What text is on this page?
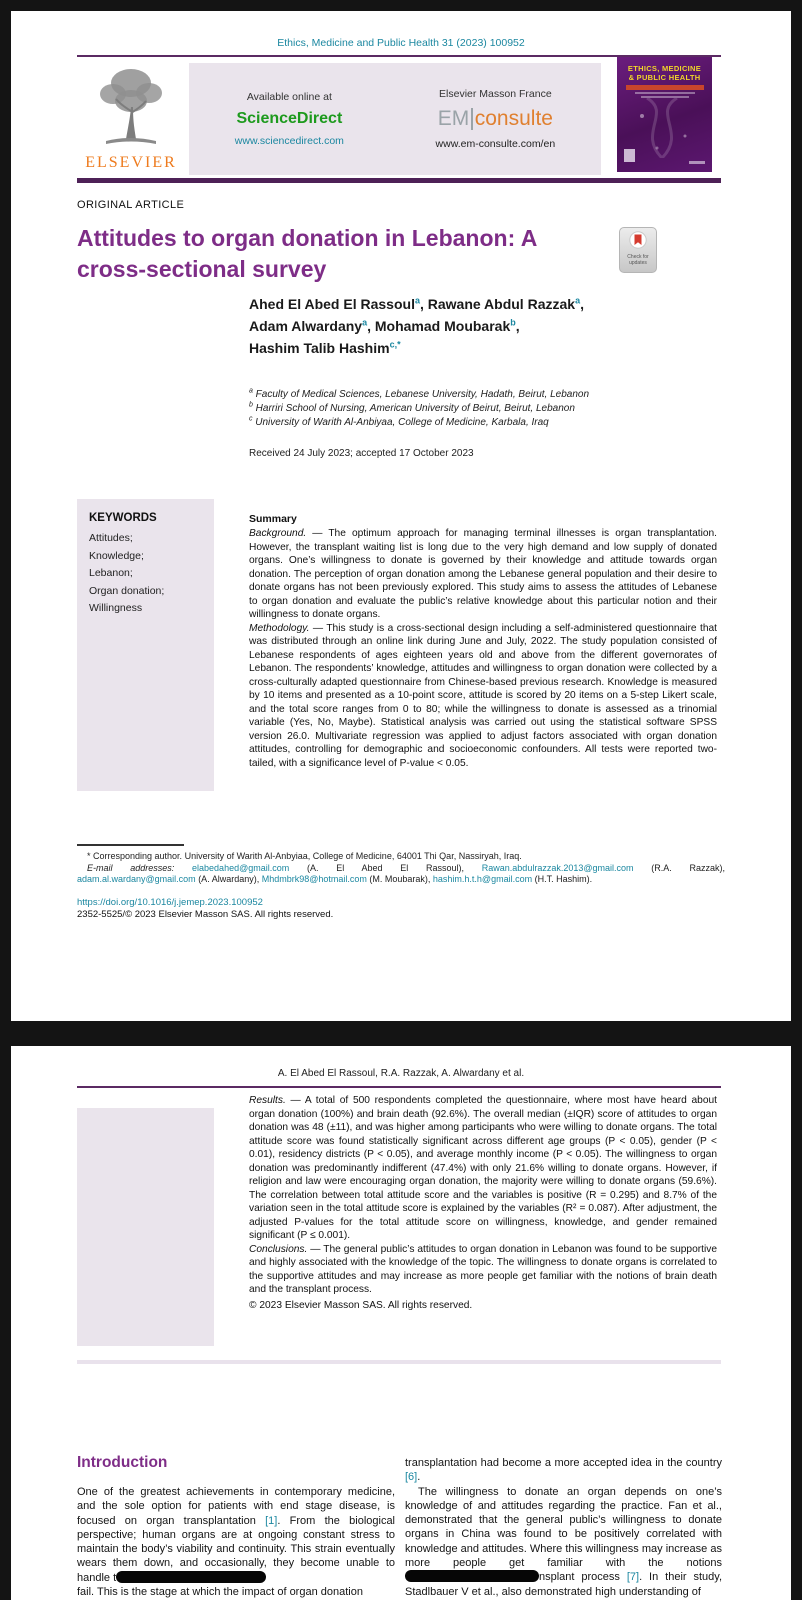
Ethics, Medicine and Public Health 31 (2023) 100952
ELSEVIER
Available online at
ScienceDirect
www.sciencedirect.com
Elsevier Masson France
EM consulte
www.em-consulte.com/en
ETHICS, MEDICINE
& PUBLIC HEALTH
ORIGINAL ARTICLE
Attitudes to organ donation in Lebanon: A
cross-sectional survey	Check for
updates
Ahed El Abed El Rassoul$^a$, Rawane Abdul Razzak$^a$,
Adam Alwardany$^a$, Mohamad Moubarak$^b$,
Hashim Talib Hashim$^{c,*}$
$^a$ Faculty of Medical Sciences, Lebanese University, Hadath, Beirut, Lebanon
$^b$ Harriri School of Nursing, American University of Beirut, Beirut, Lebanon
$^c$ University of Warith Al-Anbiyaa, College of Medicine, Karbala, Iraq
Received 24 July 2023; accepted 17 October 2023
KEYWORDS
Attitudes;
Knowledge;
Lebanon;
Organ donation;
Willingness
Summary

Background. — The optimum approach for managing terminal illnesses is organ transplantation. However, the transplant waiting list is long due to the very high demand and low supply of donated organs. One’s willingness to donate is governed by their knowledge and attitude towards organ donation. The perception of organ donation among the Lebanese general population and their desire to donate organs has not been previously explored. This study aims to assess the attitudes of Lebanese to organ donation and evaluate the public’s relative knowledge about this particular notion and their willingness to donate organs.

Methodology. — This study is a cross-sectional design including a self-administered questionnaire that was distributed through an online link during June and July, 2022. The study population consisted of Lebanese respondents of ages eighteen years old and above from the different governorates of Lebanon. The respondents’ knowledge, attitudes and willingness to organ donation were collected by a cross-culturally adapted questionnaire from Chinese-based previous research. Knowledge is measured by 10 items and presented as a 10-point score, attitude is scored by 20 items on a 5-step Likert scale, and the total score ranges from 0 to 80; while the willingness to donate is assessed as a trinomial variable (Yes, No, Maybe). Statistical analysis was carried out using the statistical software SPSS version 26.0. Multivariate regression was applied to adjust factors associated with organ donation attitudes, controlling for demographic and socioeconomic confounders. All tests were reported two-tailed, with a significance level of P-value < 0.05.

* Corresponding author. University of Warith Al-Anbyiaa, College of Medicine, 64001 Thi Qar, Nassiryah, Iraq.
E-mail addresses: elabedahed@gmail.com (A. El Abed El Rassoul), Rawan.abdulrazzak.2013@gmail.com (R.A. Razzak),
adam.al.wardany@gmail.com (A. Alwardany), Mhdmbrk98@hotmail.com (M. Moubarak), hashim.h.t.h@gmail.com (H.T. Hashim).
https://doi.org/10.1016/j.jemep.2023.100952
2352-5525/© 2023 Elsevier Masson SAS. All rights reserved.
A. El Abed El Rassoul, R.A. Razzak, A. Alwardany et al.

Results. — A total of 500 respondents completed the questionnaire, where most have heard about organ donation (100%) and brain death (92.6%). The overall median (±IQR) score of attitudes to organ donation was 48 (±11), and was higher among participants who were willing to donate organs. The total attitude score was found statistically significant across different age groups (P < 0.05), gender (P < 0.01), residency districts (P < 0.05), and average monthly income (P < 0.05). The willingness to organ donation was predominantly indifferent (47.4%) with only 21.6% willing to donate organs. However, if religion and law were encouraging organ donation, the majority were willing to donate organs (59.6%). The correlation between total attitude score and the variables is positive (R = 0.295) and 8.7% of the variation seen in the total attitude score is explained by the variables (R² = 0.087). After adjustment, the adjusted P-values for the total attitude score on willingness, knowledge, and gender remained significant (P ≤ 0.001).

Conclusions. — The general public’s attitudes to organ donation in Lebanon was found to be supportive and highly associated with the knowledge of the topic. The willingness to donate organs is correlated to the supportive attitudes and may increase as more people get familiar with the notions of brain death and the transplant process.

© 2023 Elsevier Masson SAS. All rights reserved.
Introduction

One of the greatest achievements in contemporary medicine, and the sole option for patients with end stage disease, is focused on organ transplantation [1]. From the biological perspective; human organs are at ongoing constant stress to maintain the body’s viability and continuity. This strain eventually wears them down, and occasionally, they become unable to handle t
fail. This is the stage at which the impact of organ donation

transplantation had become a more accepted idea in the country [6].

The willingness to donate an organ depends on one’s knowledge of and attitudes regarding the practice. Fan et al., demonstrated that the general public’s willingness to donate organs in China was found to be positively correlated with knowledge and attitudes. Where this willingness may increase as more people get familiar with the notions nsplant process [7]. In their study, Stadlbauer V et al., also demonstrated high understanding of
